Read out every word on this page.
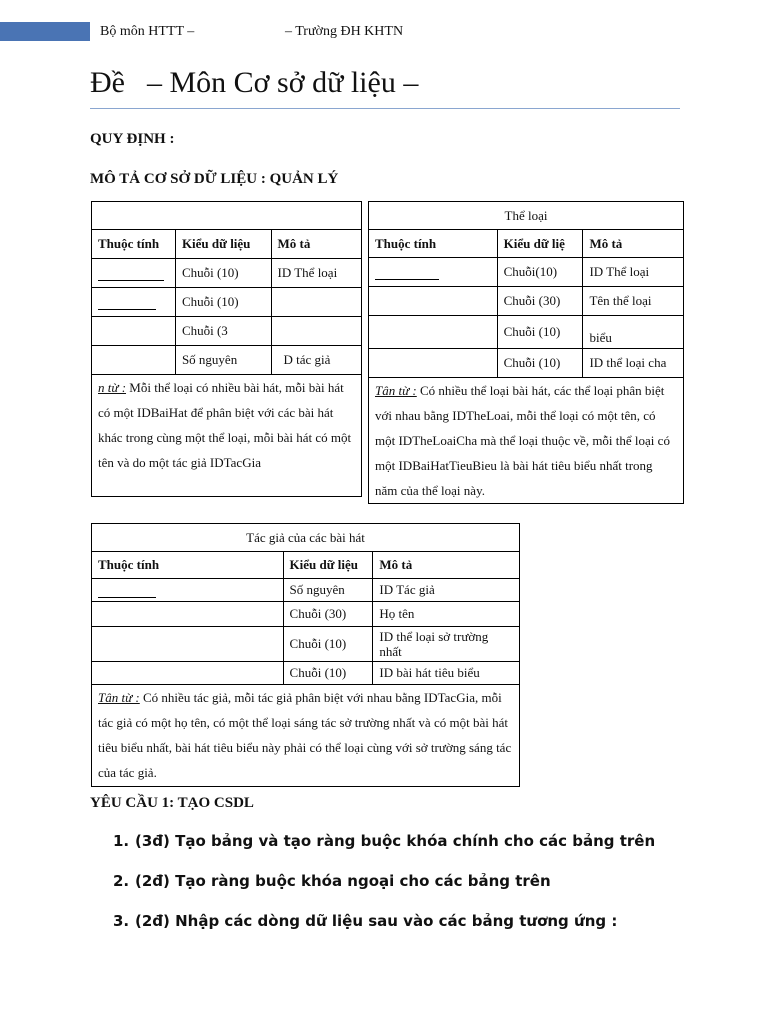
Bộ môn HTTT –	– Trường ĐH KHTN
Đề – Môn Cơ sở dữ liệu –
QUY ĐỊNH :
MÔ TẢ CƠ SỞ DỮ LIỆU : QUẢN LÝ

Thuộc tính	Kiểu dữ liệu	Mô tả
	Chuỗi (10)	ID Thể loại
	Chuỗi (10)	
	Chuỗi (3	
	Số nguyên	D tác giả
n từ : Mỗi thể loại có nhiều bài hát, mỗi bài hát có một IDBaiHat để phân biệt với các bài hát khác trong cùng một thể loại, mỗi bài hát có một tên và do một tác giả IDTacGia		
Thể loại		
Thuộc tính	Kiểu dữ liệ	Mô tả
	Chuỗi(10)	ID Thể loại
	Chuỗi (30)	Tên thể loại
	Chuỗi (10)	biểu
	Chuỗi (10)	ID thể loại cha
Tân từ : Có nhiều thể loại bài hát, các thể loại phân biệt với nhau bằng IDTheLoai, mỗi thể loại có một tên, có một IDTheLoaiCha mà thể loại thuộc về, mỗi thể loại có một IDBaiHatTieuBieu là bài hát tiêu biểu nhất trong năm của thể loại này.		
Tác giả của các bài hát		
Thuộc tính	Kiểu dữ liệu	Mô tả
	Số nguyên	ID Tác giả
	Chuỗi (30)	Họ tên
	Chuỗi (10)	ID thể loại sở trường nhất
	Chuỗi (10)	ID bài hát tiêu biểu
Tân từ : Có nhiều tác giả, mỗi tác giả phân biệt với nhau bằng IDTacGia, mỗi tác giả có một họ tên, có một thể loại sáng tác sở trường nhất và có một bài hát tiêu biểu nhất, bài hát tiêu biểu này phải có thể loại cùng với sở trường sáng tác của tác giả.		
YÊU CẦU 1: TẠO CSDL
1. (3đ) Tạo bảng và tạo ràng buộc khóa chính cho các bảng trên
2. (2đ) Tạo ràng buộc khóa ngoại cho các bảng trên
3. (2đ) Nhập các dòng dữ liệu sau vào các bảng tương ứng :
